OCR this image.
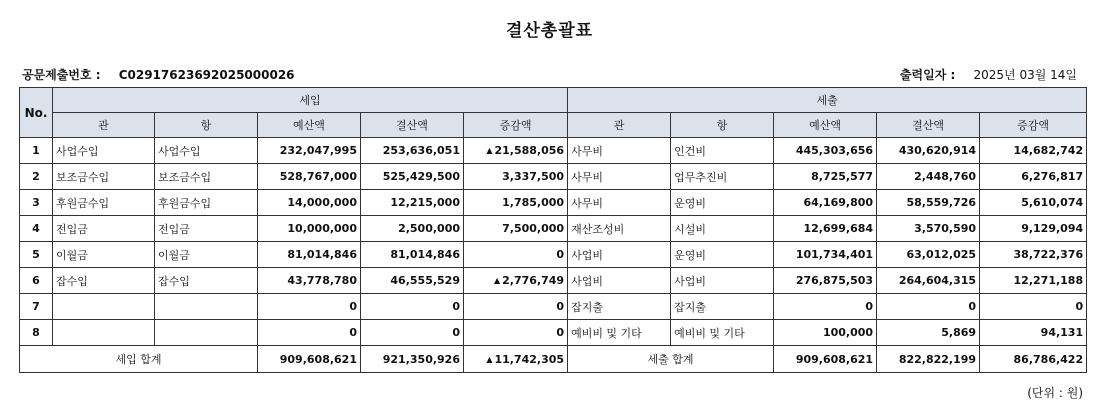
결산총괄표
공문제출번호 : C02917623692025000026	출력일자 : 2025년 03월 14일
No.	세입					세출				
	관	항	예산액	결산액	증감액	관	항	예산액	결산액	증감액
1	사업수입	사업수입	232,047,995	253,636,051	▲ 21,588,056	사무비	인건비	445,303,656	430,620,914	14,682,742
2	보조금수입	보조금수입	528,767,000	525,429,500	3,337,500	사무비	업무추진비	8,725,577	2,448,760	6,276,817
3	후원금수입	후원금수입	14,000,000	12,215,000	1,785,000	사무비	운영비	64,169,800	58,559,726	5,610,074
4	전입금	전입금	10,000,000	2,500,000	7,500,000	재산조성비	시설비	12,699,684	3,570,590	9,129,094
5	이월금	이월금	81,014,846	81,014,846	0	사업비	운영비	101,734,401	63,012,025	38,722,376
6	잡수입	잡수입	43,778,780	46,555,529	▲ 2,776,749	사업비	사업비	276,875,503	264,604,315	12,271,188
7			0	0	0	잡지출	잡지출	0	0	0
8			0	0	0	예비비 및 기타	예비비 및 기타	100,000	5,869	94,131
세입 합계			909,608,621	921,350,926	▲ 11,742,305	세출 합계		909,608,621	822,822,199	86,786,422
(단위 : 원)
